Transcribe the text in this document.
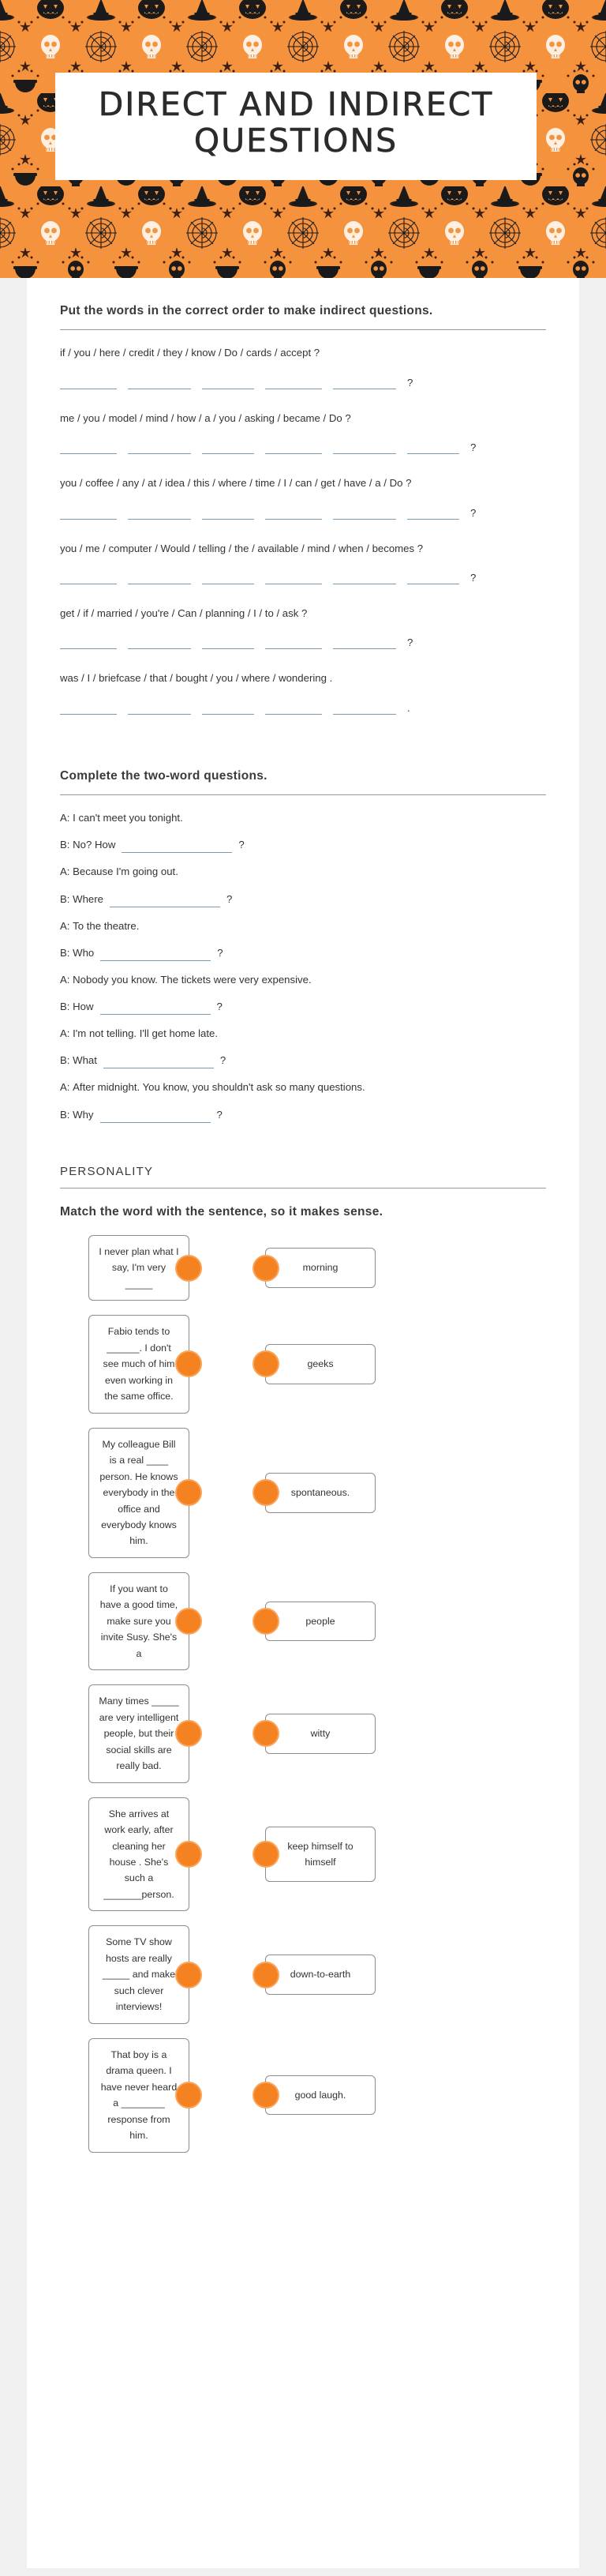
DIRECT AND INDIRECT
QUESTIONS

Put the words in the correct order to make indirect questions.

if / you / here / credit / they / know / Do / cards / accept ?

?

me / you / model / mind / how / a / you / asking / became / Do ?

?

you / coffee / any / at / idea / this / where / time / I / can / get / have / a / Do ?

?

you / me / computer / Would / telling / the / available / mind / when / becomes ?

?

get / if / married / you're / Can / planning / I / to / ask ?

?

was / I / briefcase / that / bought / you / where / wondering .

.

Complete the two-word questions.

A: I can't meet you tonight.
B: No? How	?
A: Because I'm going out.
B: Where	?
A: To the theatre.
B: Who	?
A: Nobody you know. The tickets were very expensive.
B: How	?
A: I'm not telling. I'll get home late.
B: What	?
A: After midnight. You know, you shouldn't ask so many questions.
B: Why	?

PERSONALITY

Match the word with the sentence, so it makes sense.

I never plan what I say, I'm very _____
morning
Fabio tends to ______. I don't see much of him even working in the same office.
geeks
My colleague Bill is a real ____ person. He knows everybody in the office and everybody knows him.
spontaneous.
If you want to have a good time, make sure you invite Susy. She's a
people
Many times _____ are very intelligent people, but their social skills are really bad.
witty
She arrives at work early, after cleaning her house . She's such a _______person.
keep himself to himself
Some TV show hosts are really _____ and make such clever interviews!
down-to-earth
That boy is a drama queen. I have never heard a ________ response from him.
good laugh.
